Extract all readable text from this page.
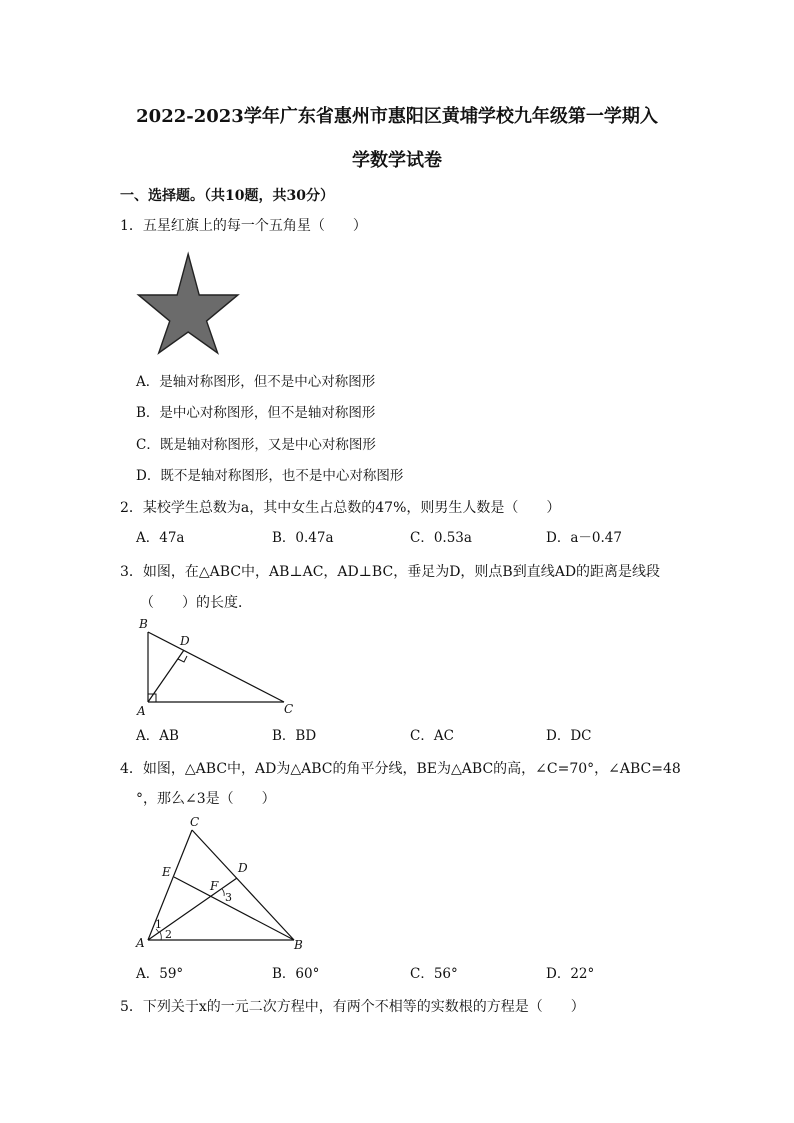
2022-2023学年广东省惠州市惠阳区黄埔学校九年级第一学期入
学数学试卷
一、选择题。（共10题，共30分）
1．五星红旗上的每一个五角星（　　）
A．是轴对称图形，但不是中心对称图形
B．是中心对称图形，但不是轴对称图形
C．既是轴对称图形，又是中心对称图形
D．既不是轴对称图形，也不是中心对称图形
2．某校学生总数为a，其中女生占总数的47%，则男生人数是（　　）
A．47a	B．0.47a	C．0.53a	D．a－0.47
3．如图，在△ABC中，AB⊥AC，AD⊥BC，垂足为D，则点B到直线AD的距离是线段
（　　）的长度．
B
D
A	C
A．AB	B．BD	C．AC	D．DC
4．如图，△ABC中，AD为△ABC的角平分线，BE为△ABC的高，∠C=70°，∠ABC=48
°，那么∠3是（　　）
C
E	D
F
3
1
2
A	B
A．59°	B．60°	C．56°	D．22°
5．下列关于x的一元二次方程中，有两个不相等的实数根的方程是（　　）
